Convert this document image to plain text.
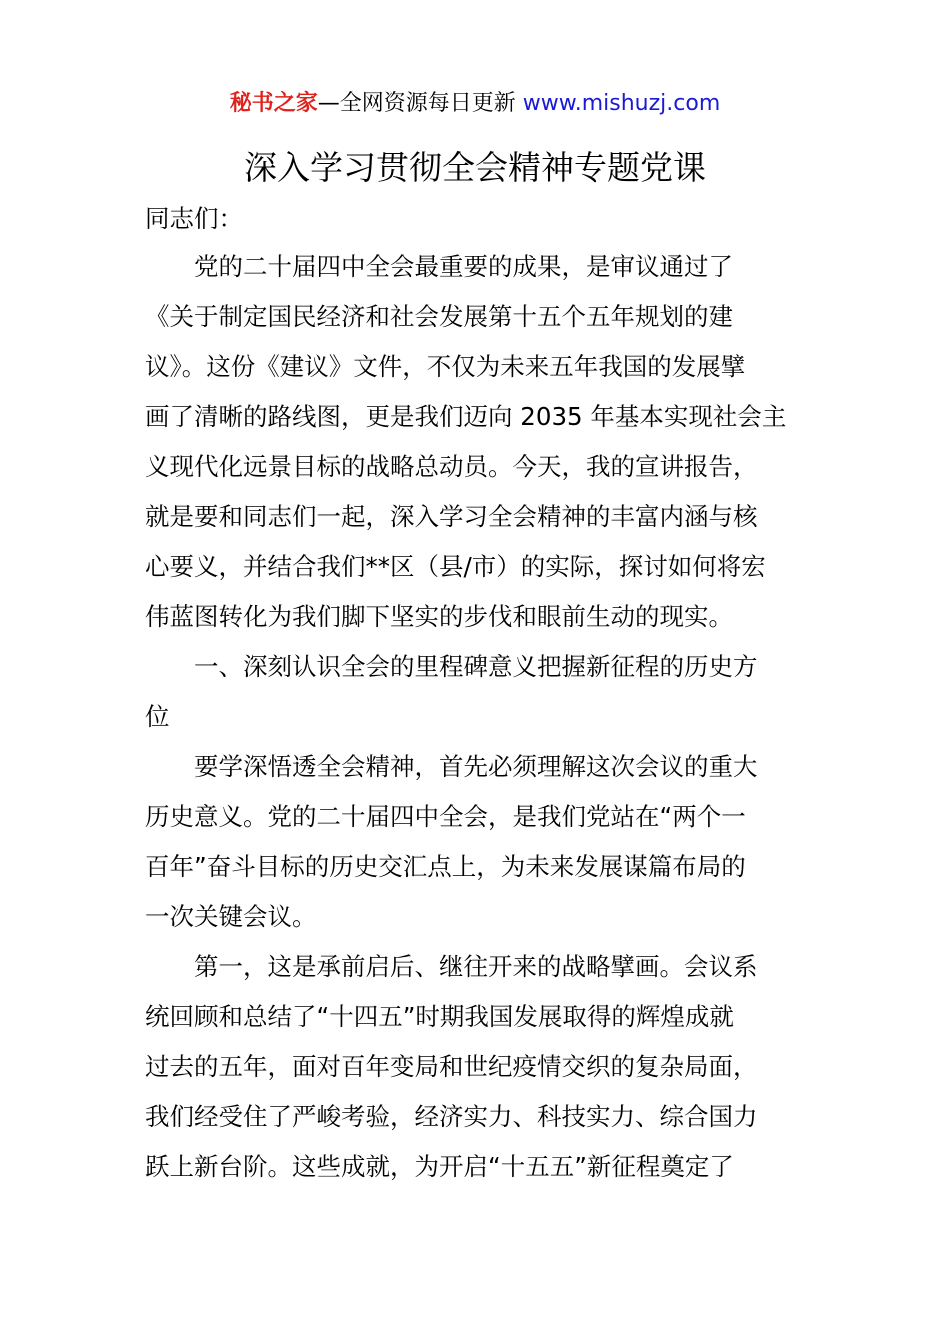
秘书之家—全网资源每日更新 www.mishuzj.com
深入学习贯彻全会精神专题党课
同志们：
党的二十届四中全会最重要的成果，是审议通过了
《关于制定国民经济和社会发展第十五个五年规划的建
议》。这份《建议》文件，不仅为未来五年我国的发展擘
画了清晰的路线图，更是我们迈向 2035 年基本实现社会主
义现代化远景目标的战略总动员。今天，我的宣讲报告，
就是要和同志们一起，深入学习全会精神的丰富内涵与核
心要义，并结合我们**区（县/市）的实际，探讨如何将宏
伟蓝图转化为我们脚下坚实的步伐和眼前生动的现实。
一、深刻认识全会的里程碑意义把握新征程的历史方
位
要学深悟透全会精神，首先必须理解这次会议的重大
历史意义。党的二十届四中全会，是我们党站在“两个一
百年”奋斗目标的历史交汇点上，为未来发展谋篇布局的
一次关键会议。
第一，这是承前启后、继往开来的战略擘画。会议系
统回顾和总结了“十四五”时期我国发展取得的辉煌成就
过去的五年，面对百年变局和世纪疫情交织的复杂局面，
我们经受住了严峻考验，经济实力、科技实力、综合国力
跃上新台阶。这些成就，为开启“十五五”新征程奠定了
